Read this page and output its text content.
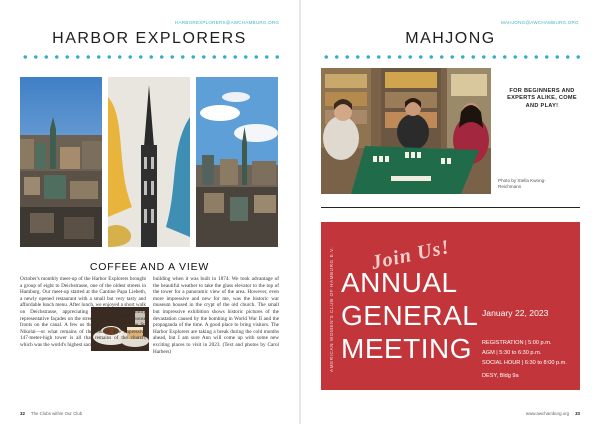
HARBOREXPLORERS@AWCHAMBURG.ORG
HARBOR EXPLORERS
COFFEE AND A VIEW
October's monthly meet-up of the Harbor Explorers brought a group of eight to Deichstrasse, one of the oldest streets in Hamburg. Our meet-up started at the Cantine Papa Liebeth, a newly opened restaurant with a small but very tasty and affordable lunch menu. After lunch, we enjoyed a short walk on Deichstrasse, appreciating the seventeenth-century representative façades on the street side with the warehouse fronts on the canal. A few us then headed over to the St. Nikolai—or what remains of the church. The impressive 147-meter-high tower is all that remains of the church, which was the world's highest sacred
building when it was built in 1874. We took advantage of the beautiful weather to take the glass elevator to the top of the tower for a panoramic view of the area. However, even more impressive and new for me, was the historic war museum housed in the crypt of the old church. The small but impressive exhibition shows historic pictures of the devastation caused by the bombing in World War II and the propaganda of the time. A good place to bring visitors. The Harbor Explorers are taking a break during the cold months ahead, but I am sure Ann will come up with some new exciting places to visit in 2023. (Text and photos by Carol Harbers)
32 The Clubs within Our Club
MAHJONG@AWCHAMBURG.ORG
MAHJONG
FOR BEGINNERS AND EXPERTS ALIKE, COME AND PLAY!
Photo by Stella Kwong-Reichmann
AMERICAN WOMEN'S CLUB OF HAMBURG E.V. Join Us!
ANNUAL
GENERAL
MEETING
January 22, 2023
REGISTRATION | 5:00 p.m.
AGM | 5:30 to 6:30 p.m.
SOCIAL HOUR | 6:30 to 8:00 p.m.
DESY, Bldg 9a
www.awchamburg.org 33
